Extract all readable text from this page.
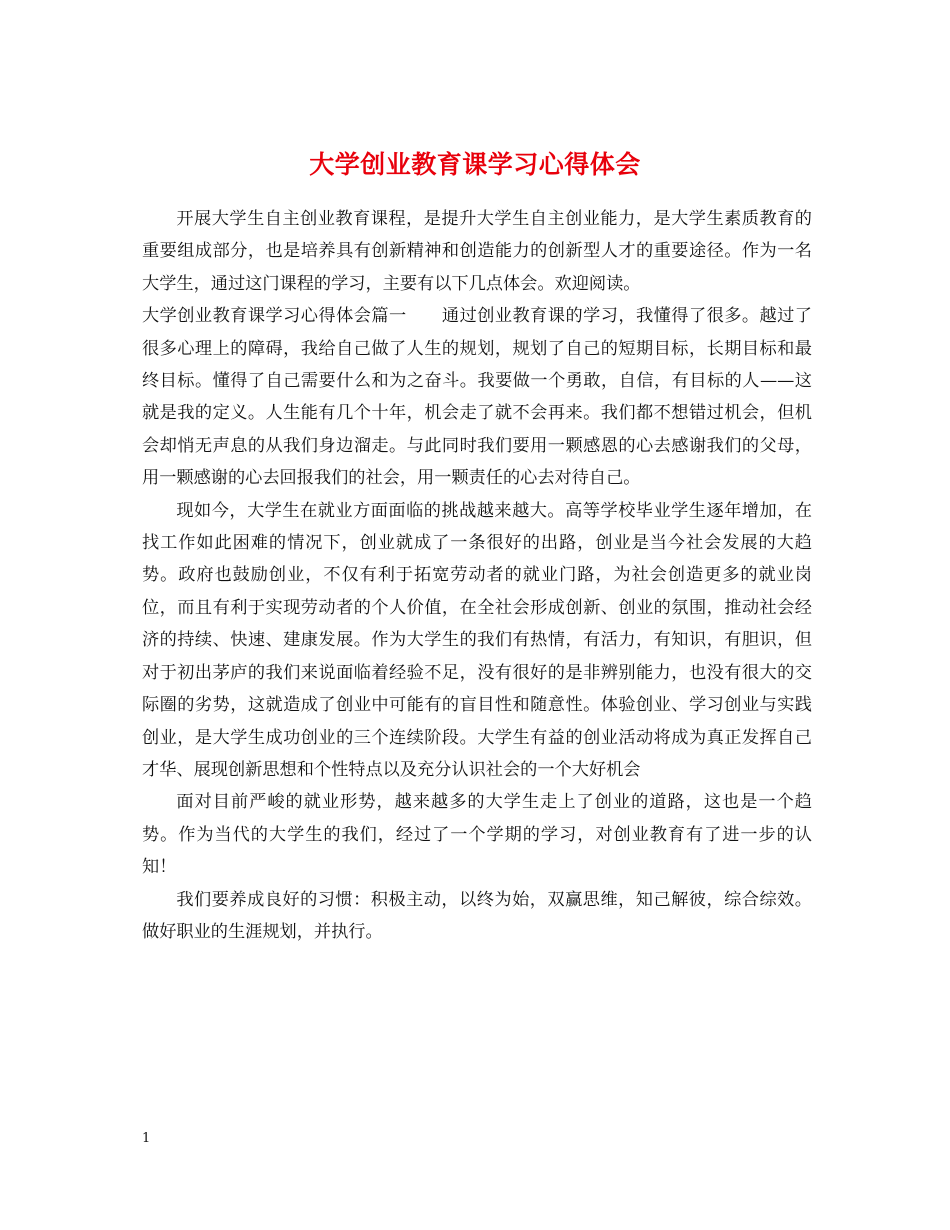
大学创业教育课学习心得体会

开展大学生自主创业教育课程，是提升大学生自主创业能力，是大学生素质教育的重要组成部分，也是培养具有创新精神和创造能力的创新型人才的重要途径。作为一名大学生，通过这门课程的学习，主要有以下几点体会。欢迎阅读。

大学创业教育课学习心得体会篇一　　通过创业教育课的学习，我懂得了很多。越过了很多心理上的障碍，我给自己做了人生的规划，规划了自己的短期目标，长期目标和最终目标。懂得了自己需要什么和为之奋斗。我要做一个勇敢，自信，有目标的人——这就是我的定义。人生能有几个十年，机会走了就不会再来。我们都不想错过机会，但机会却悄无声息的从我们身边溜走。与此同时我们要用一颗感恩的心去感谢我们的父母，用一颗感谢的心去回报我们的社会，用一颗责任的心去对待自己。

现如今，大学生在就业方面面临的挑战越来越大。高等学校毕业学生逐年增加，在找工作如此困难的情况下，创业就成了一条很好的出路，创业是当今社会发展的大趋势。政府也鼓励创业，不仅有利于拓宽劳动者的就业门路，为社会创造更多的就业岗位，而且有利于实现劳动者的个人价值，在全社会形成创新、创业的氛围，推动社会经济的持续、快速、建康发展。作为大学生的我们有热情，有活力，有知识，有胆识，但对于初出茅庐的我们来说面临着经验不足，没有很好的是非辨别能力，也没有很大的交际圈的劣势，这就造成了创业中可能有的盲目性和随意性。体验创业、学习创业与实践创业，是大学生成功创业的三个连续阶段。大学生有益的创业活动将成为真正发挥自己才华、展现创新思想和个性特点以及充分认识社会的一个大好机会

面对目前严峻的就业形势，越来越多的大学生走上了创业的道路，这也是一个趋势。作为当代的大学生的我们，经过了一个学期的学习，对创业教育有了进一步的认知！

我们要养成良好的习惯：积极主动，以终为始，双赢思维，知己解彼，综合综效。做好职业的生涯规划，并执行。

1
